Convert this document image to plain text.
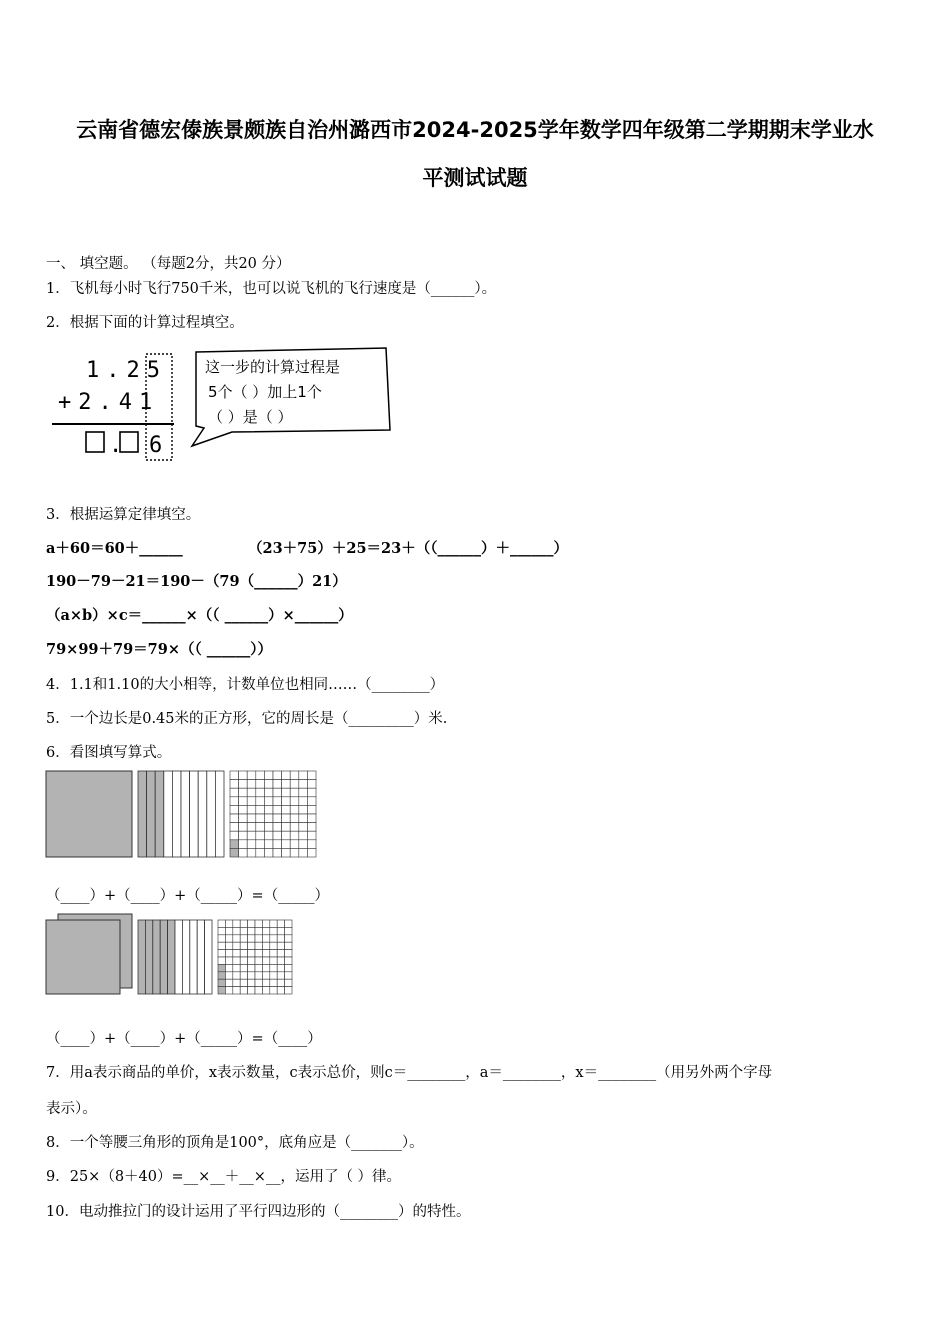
云南省德宏傣族景颇族自治州潞西市2024-2025学年数学四年级第二学期期末学业水
平测试试题
一、 填空题。 （每题2分，共20 分）
1．飞机每小时飞行750千米，也可以说飞机的飞行速度是（______）。
2．根据下面的计算过程填空。
. 6
1.25
+2.41
这一步的计算过程是
5个（ ）加上1个
（ ）是（ ）
3．根据运算定律填空。
a＋60＝60＋______	（23＋75）＋25＝23＋（（______）＋______）
190－79－21＝190－（79（______）21）
（a×b）×c＝______×（（ ______）×______）
79×99＋79＝79×（（ ______））
4．1.1和1.10的大小相等，计数单位也相同……（________）
5．一个边长是0.45米的正方形，它的周长是（_________）米.
6．看图填写算式。
（____）+（____）+（_____）=（_____）
（____）+（____）+（_____）=（____）
7．用a表示商品的单价，x表示数量，c表示总价，则c＝________，a＝________，x＝________（用另外两个字母
表示）。
8．一个等腰三角形的顶角是100°，底角应是（_______）。
9．25×（8＋40）=__×__＋__×__，运用了（ ）律。
10．电动推拉门的设计运用了平行四边形的（________）的特性。
